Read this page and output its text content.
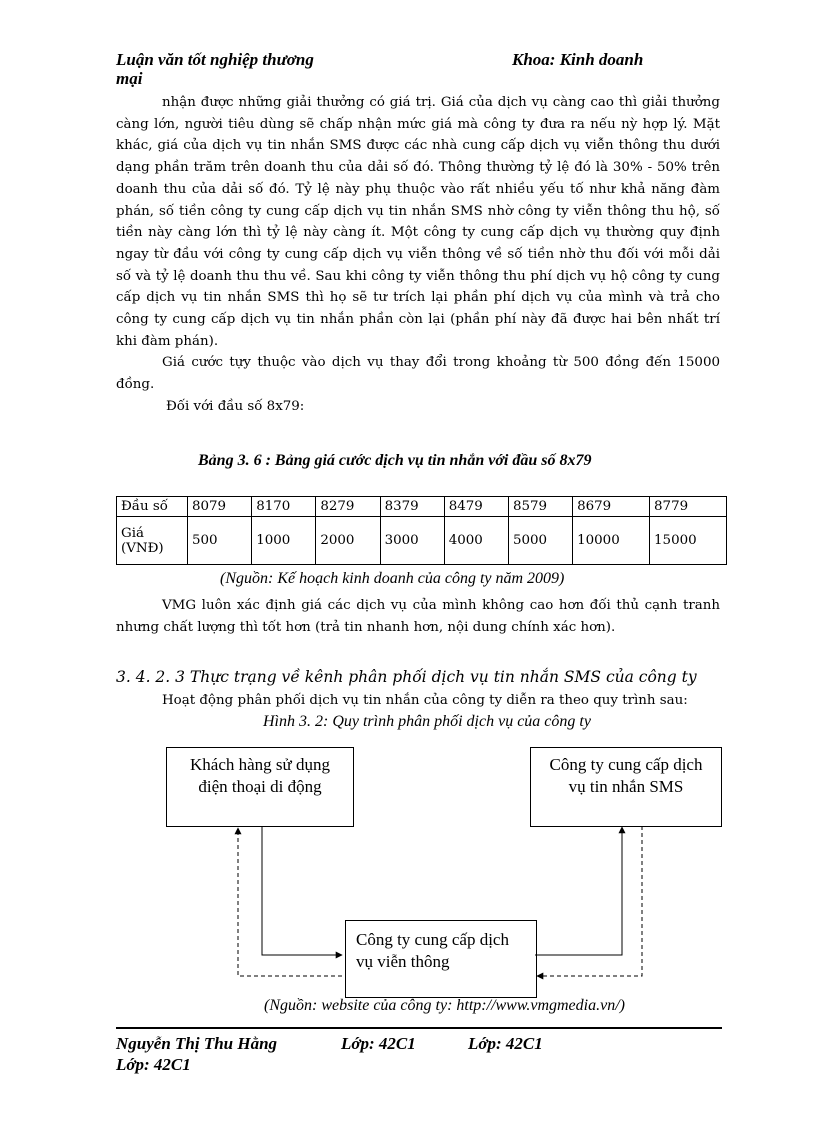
Luận văn tốt nghiệp thương mại
Khoa: Kinh doanh

nhận được những giải thưởng có giá trị. Giá của dịch vụ càng cao thì giải thưởng càng lớn, người tiêu dùng sẽ chấp nhận mức giá mà công ty đưa ra nếu nỳ hợp lý. Mặt khác, giá của dịch vụ tin nhắn SMS được các nhà cung cấp dịch vụ viễn thông thu dưới dạng phần trăm trên doanh thu của dải số đó. Thông thường tỷ lệ đó là 30% - 50% trên doanh thu của dải số đó. Tỷ lệ này phụ thuộc vào rất nhiều yếu tố như khả năng đàm phán, số tiền công ty cung cấp dịch vụ tin nhắn SMS nhờ công ty viễn thông thu hộ, số tiền này càng lớn thì tỷ lệ này càng ít. Một công ty cung cấp dịch vụ thường quy định ngay từ đầu với công ty cung cấp dịch vụ viễn thông về số tiền nhờ thu đối với mỗi dải số và tỷ lệ doanh thu thu về. Sau khi công ty viễn thông thu phí dịch vụ hộ công ty cung cấp dịch vụ tin nhắn SMS thì họ sẽ tư trích lại phần phí dịch vụ của mình và trả cho công ty cung cấp dịch vụ tin nhắn phần còn lại (phần phí này đã được hai bên nhất trí khi đàm phán).

Giá cước tựy thuộc vào dịch vụ thay đổi trong khoảng từ 500 đồng đến 15000 đồng.

Đối với đầu số 8x79:

Bảng 3. 6 : Bảng giá cước dịch vụ tin nhắn với đầu số 8x79
Đầu số	8079	8170	8279	8379	8479	8579	8679	8779
Giá (VNĐ)	500	1000	2000	3000	4000	5000	10000	15000
(Nguồn: Kế hoạch kinh doanh của công ty năm 2009)

VMG luôn xác định giá các dịch vụ của mình không cao hơn đối thủ cạnh tranh nhưng chất lượng thì tốt hơn (trả tin nhanh hơn, nội dung chính xác hơn).

3. 4. 2. 3 Thực trạng về kênh phân phối dịch vụ tin nhắn SMS của công ty

Hoạt động phân phối dịch vụ tin nhắn của công ty diễn ra theo quy trình sau:

Hình 3. 2: Quy trình phân phối dịch vụ của công ty
Khách hàng sử dụng điện thoại di động
Công ty cung cấp dịch vụ tin nhắn SMS
Công ty cung cấp dịch vụ viễn thông
(Nguồn: website của công ty: http://www.vmgmedia.vn/)
Nguyễn Thị Thu Hằng	Lớp: 42C1	Lớp: 42C1
Lớp: 42C1
